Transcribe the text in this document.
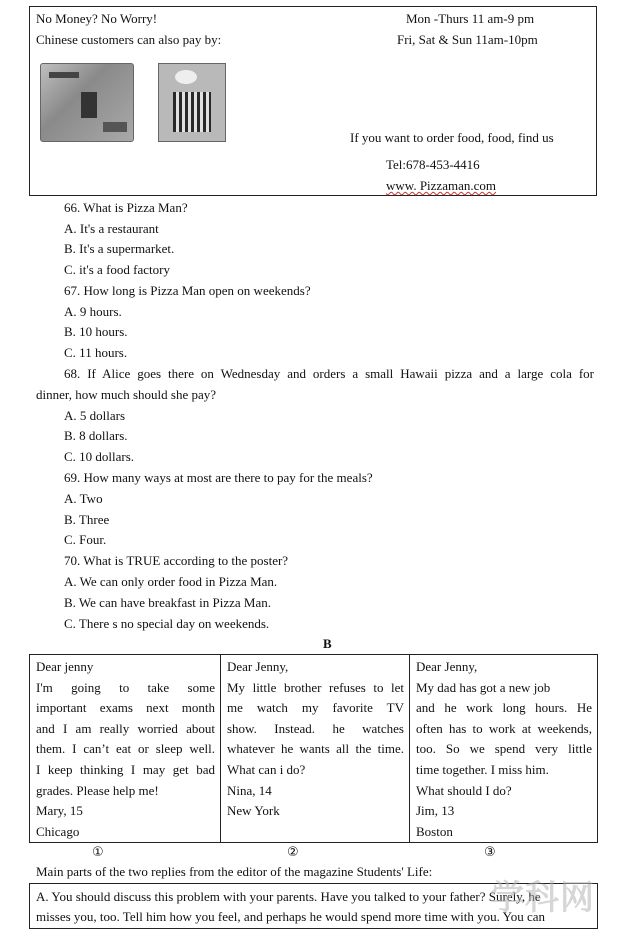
No Money? No Worry!
Chinese customers can also pay by:
Mon -Thurs 11 am-9 pm
Fri, Sat & Sun 11am-10pm
If you want to order food, food, find us
Tel:678-453-4416
www. Pizzaman.com
66. What is Pizza Man?
A. It's a restaurant
B. It's a supermarket.
C. it's a food factory
67. How long is Pizza Man open on weekends?
A. 9 hours.
B. 10 hours.
C. 11 hours.
68. If Alice goes there on Wednesday and orders a small Hawaii pizza and a large cola for
dinner, how much should she pay?
A. 5 dollars
B. 8 dollars.
C. 10 dollars.
69. How many ways at most are there to pay for the meals?
A. Two
B. Three
C. Four.
70. What is TRUE according to the poster?
A. We can only order food in Pizza Man.
B. We can have breakfast in Pizza Man.
C. There s no special day on weekends.
B
Dear jenny
I'm going to take some
important exams next month
and I am really worried about
them. I can’t eat or sleep well.
I keep thinking I may get bad
grades. Please help me!
Mary, 15
Chicago
Dear Jenny,
My little brother refuses to let
me watch my favorite TV
show. Instead. he watches
whatever he wants all the time.
What can i do?
Nina, 14
New York
Dear Jenny,
My dad has got a new job
and he work long hours. He
often has to work at weekends,
too. So we spend very little
time together. I miss him.
What should I do?
Jim, 13
Boston
①	②	③
Main parts of the two replies from the editor of the magazine Students' Life:
A. You should discuss this problem with your parents. Have you talked to your father? Surely, he
misses you, too. Tell him how you feel, and perhaps he would spend more time with you. You can
学科网
